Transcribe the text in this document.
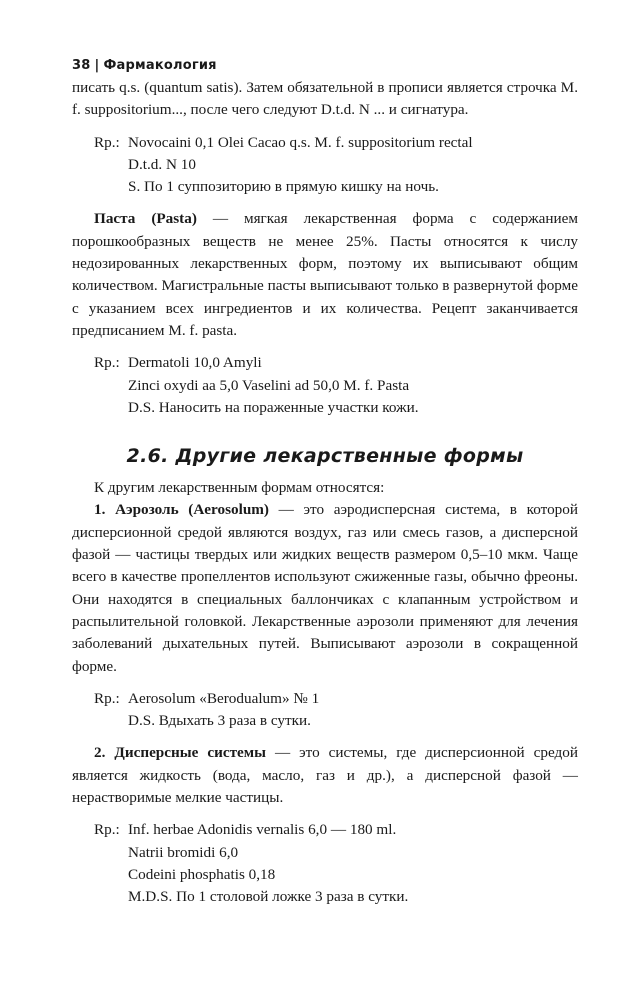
38 | Фармакология

писать q.s. (quantum satis). Затем обязательной в прописи является строчка M. f. suppositorium..., после чего следуют D.t.d. N ... и сигнатура.

Rp.: Novocaini 0,1 Olei Cacao q.s. M. f. suppositorium rectal
D.t.d. N 10
S. По 1 суппозиторию в прямую кишку на ночь.

Паста (Pasta) — мягкая лекарственная форма с содержанием порошкообразных веществ не менее 25%. Пасты относятся к числу недозированных лекарственных форм, поэтому их выписывают общим количеством. Магистральные пасты выписывают только в развернутой форме с указанием всех ингредиентов и их количества. Рецепт заканчивается предписанием M. f. pasta.

Rp.: Dermatoli 10,0 Amyli
Zinci oxydi aa 5,0 Vaselini ad 50,0 M. f. Pasta
D.S. Наносить на пораженные участки кожи.
2.6. Другие лекарственные формы

К другим лекарственным формам относятся:

1. Аэрозоль (Aerosolum) — это аэродисперсная система, в которой дисперсионной средой являются воздух, газ или смесь газов, а дисперсной фазой — частицы твердых или жидких веществ размером 0,5–10 мкм. Чаще всего в качестве пропеллентов используют сжиженные газы, обычно фреоны. Они находятся в специальных баллончиках с клапанным устройством и распылительной головкой. Лекарственные аэрозоли применяют для лечения заболеваний дыхательных путей. Выписывают аэрозоли в сокращенной форме.

Rp.: Aerosolum «Berodualum» № 1
D.S. Вдыхать 3 раза в сутки.

2. Дисперсные системы — это системы, где дисперсионной средой является жидкость (вода, масло, газ и др.), а дисперсной фазой — нерастворимые мелкие частицы.

Rp.: Inf. herbae Adonidis vernalis 6,0 — 180 ml.
Natrii bromidi 6,0
Codeini phosphatis 0,18
M.D.S. По 1 столовой ложке 3 раза в сутки.
